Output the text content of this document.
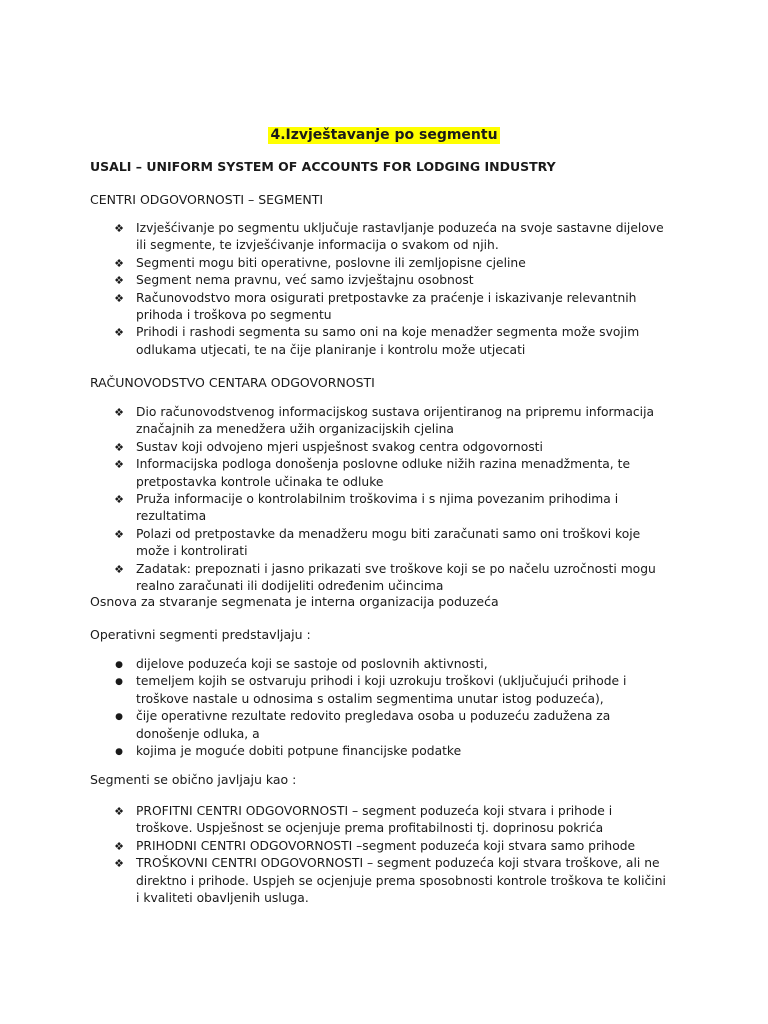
4.Izvještavanje po segmentu
USALI – UNIFORM SYSTEM OF ACCOUNTS FOR LODGING INDUSTRY
CENTRI ODGOVORNOSTI – SEGMENTI
❖ Izvješćivanje po segmentu uključuje rastavljanje poduzeća na svoje sastavne dijelove ili segmente, te izvješćivanje informacija o svakom od njih.
❖ Segmenti mogu biti operativne, poslovne ili zemljopisne cjeline
❖ Segment nema pravnu, već samo izvještajnu osobnost
❖ Računovodstvo mora osigurati pretpostavke za praćenje i iskazivanje relevantnih prihoda i troškova po segmentu
❖ Prihodi i rashodi segmenta su samo oni na koje menadžer segmenta može svojim odlukama utjecati, te na čije planiranje i kontrolu može utjecati
RAČUNOVODSTVO CENTARA ODGOVORNOSTI
❖ Dio računovodstvenog informacijskog sustava orijentiranog na pripremu informacija značajnih za menedžera užih organizacijskih cjelina
❖ Sustav koji odvojeno mjeri uspješnost svakog centra odgovornosti
❖ Informacijska podloga donošenja poslovne odluke nižih razina menadžmenta, te pretpostavka kontrole učinaka te odluke
❖ Pruža informacije o kontrolabilnim troškovima i s njima povezanim prihodima i rezultatima
❖ Polazi od pretpostavke da menadžeru mogu biti zaračunati samo oni troškovi koje može i kontrolirati
❖ Zadatak: prepoznati i jasno prikazati sve troškove koji se po načelu uzročnosti mogu realno zaračunati ili dodijeliti određenim učincima
Osnova za stvaranje segmenata je interna organizacija poduzeća
Operativni segmenti predstavljaju :
● dijelove poduzeća koji se sastoje od poslovnih aktivnosti,
● temeljem kojih se ostvaruju prihodi i koji uzrokuju troškovi (uključujući prihode i troškove nastale u odnosima s ostalim segmentima unutar istog poduzeća),
● čije operativne rezultate redovito pregledava osoba u poduzeću zadužena za donošenje odluka, a
● kojima je moguće dobiti potpune financijske podatke
Segmenti se obično javljaju kao :
❖ PROFITNI CENTRI ODGOVORNOSTI – segment poduzeća koji stvara i prihode i troškove. Uspješnost se ocjenjuje prema profitabilnosti tj. doprinosu pokrića
❖ PRIHODNI CENTRI ODGOVORNOSTI –segment poduzeća koji stvara samo prihode
❖ TROŠKOVNI CENTRI ODGOVORNOSTI – segment poduzeća koji stvara troškove, ali ne direktno i prihode. Uspjeh se ocjenjuje prema sposobnosti kontrole troškova te količini i kvaliteti obavljenih usluga.
